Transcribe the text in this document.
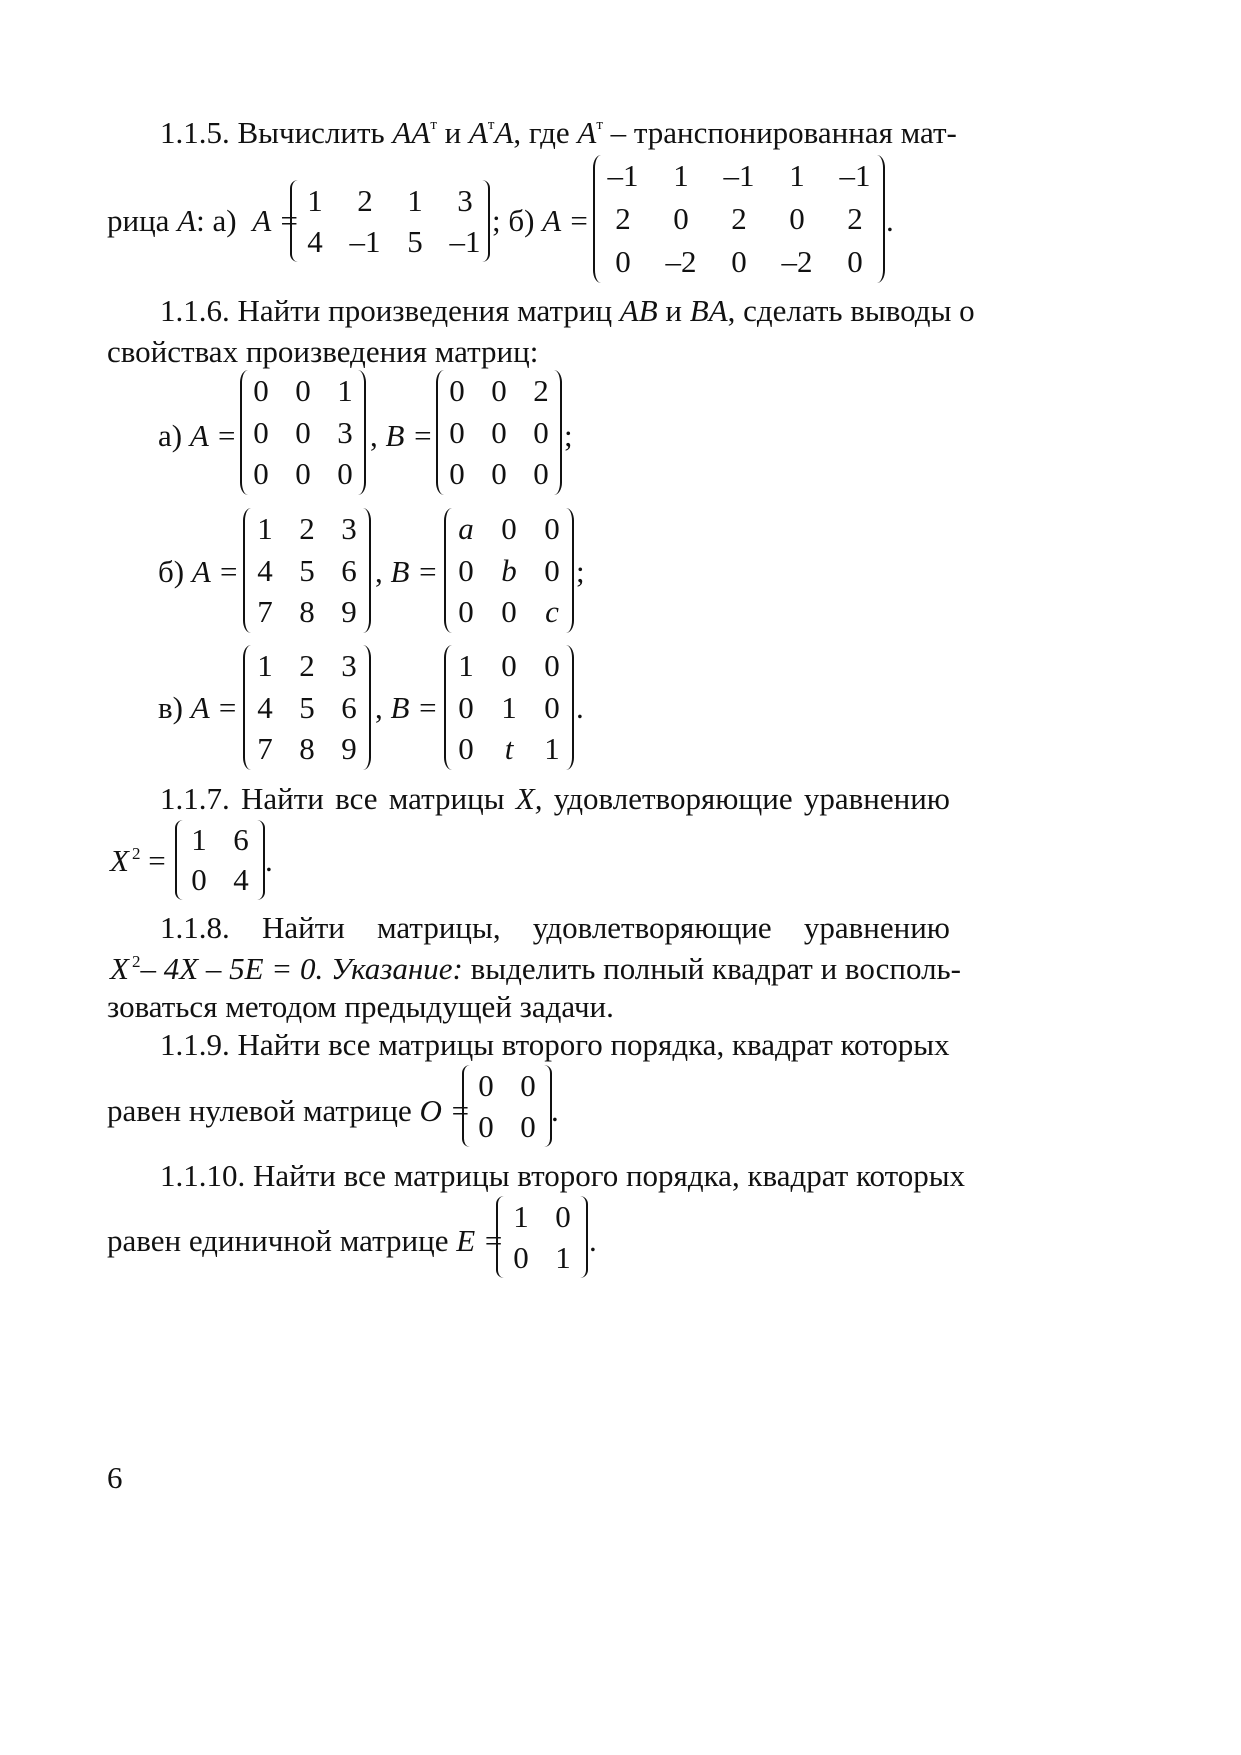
1.1.5. Вычислить $AA^т$ и $A^тA$, где $A^т$ – транспонированная мат-
рица A: а) A =
1	2	1	3
4 –1 5 –1
; б) A =
–1	1	–1	1	–1
2	0	2	0	2
0	–2	0	–2	0
.
1.1.6. Найти произведения матриц AB и BA, сделать выводы о
свойствах произведения матриц:
а) A =
0 0 1
0 0 3
0 0 0
, B =
0 0 2
0 0 0
0 0 0
;
б) A =
1 2 3
4 5 6
7 8 9
, B =
a 0 0
0 b 0
0 0 c
;
в) A =
1 2 3
4 5 6
7 8 9
, B =
1 0 0
0 1 0
0 t 1
.
1.1.7. Найти все матрицы X, удовлетворяющие уравнению
X $^2$ =
1 6
0 4
.
1.1.8. Найти матрицы, удовлетворяющие уравнению
X $^2$– 4X – 5E = 0. Указание: выделить полный квадрат и восполь-
зоваться методом предыдущей задачи.
1.1.9. Найти все матрицы второго порядка, квадрат которых
равен нулевой матрице O =
0 0
0 0 .
1.1.10. Найти все матрицы второго порядка, квадрат которых
равен единичной матрице E =
1 0
0 1 .
6
